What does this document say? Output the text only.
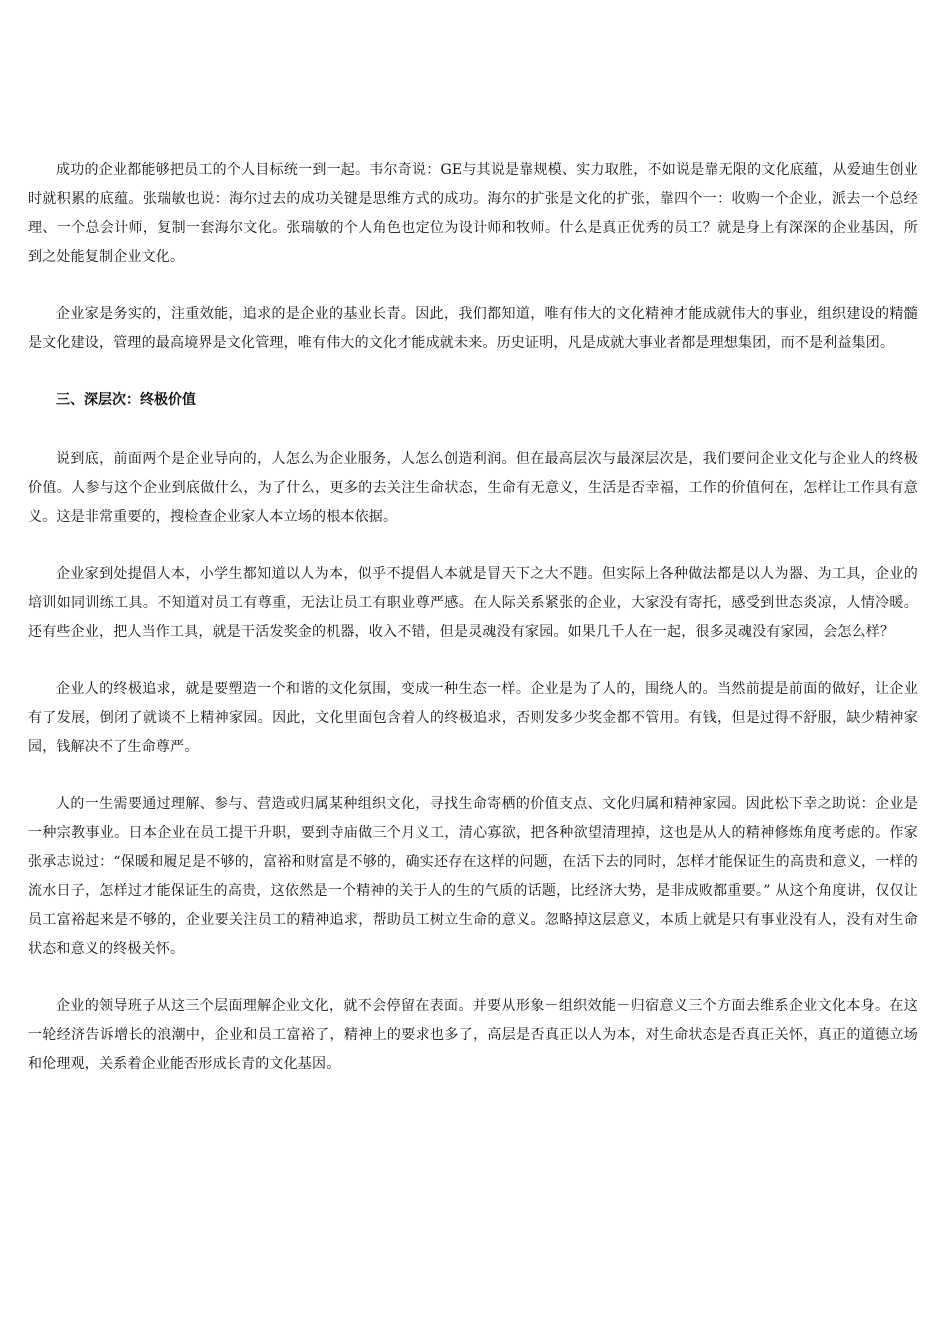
成功的企业都能够把员工的个人目标统一到一起。韦尔奇说：GE与其说是靠规模、实力取胜，不如说是靠无限的文化底蕴，从爱迪生创业时就积累的底蕴。张瑞敏也说：海尔过去的成功关键是思维方式的成功。海尔的扩张是文化的扩张，靠四个一：收购一个企业，派去一个总经理、一个总会计师，复制一套海尔文化。张瑞敏的个人角色也定位为设计师和牧师。什么是真正优秀的员工？就是身上有深深的企业基因，所到之处能复制企业文化。

企业家是务实的，注重效能，追求的是企业的基业长青。因此，我们都知道，唯有伟大的文化精神才能成就伟大的事业，组织建设的精髓是文化建设，管理的最高境界是文化管理，唯有伟大的文化才能成就未来。历史证明，凡是成就大事业者都是理想集团，而不是利益集团。

三、深层次：终极价值

说到底，前面两个是企业导向的，人怎么为企业服务，人怎么创造利润。但在最高层次与最深层次是，我们要问企业文化与企业人的终极价值。人参与这个企业到底做什么，为了什么，更多的去关注生命状态，生命有无意义，生活是否幸福，工作的价值何在，怎样让工作具有意义。这是非常重要的，搜检查企业家人本立场的根本依据。

企业家到处提倡人本，小学生都知道以人为本，似乎不提倡人本就是冒天下之大不韪。但实际上各种做法都是以人为器、为工具，企业的培训如同训练工具。不知道对员工有尊重，无法让员工有职业尊严感。在人际关系紧张的企业，大家没有寄托，感受到世态炎凉，人情冷暖。还有些企业，把人当作工具，就是干活发奖金的机器，收入不错，但是灵魂没有家园。如果几千人在一起，很多灵魂没有家园，会怎么样？

企业人的终极追求，就是要塑造一个和谐的文化氛围，变成一种生态一样。企业是为了人的，围绕人的。当然前提是前面的做好，让企业有了发展，倒闭了就谈不上精神家园。因此，文化里面包含着人的终极追求，否则发多少奖金都不管用。有钱，但是过得不舒服，缺少精神家园，钱解决不了生命尊严。

人的一生需要通过理解、参与、营造或归属某种组织文化，寻找生命寄栖的价值支点、文化归属和精神家园。因此松下幸之助说：企业是一种宗教事业。日本企业在员工提干升职，要到寺庙做三个月义工，清心寡欲，把各种欲望清理掉，这也是从人的精神修炼角度考虑的。作家张承志说过：“保暖和履足是不够的，富裕和财富是不够的，确实还存在这样的问题，在活下去的同时，怎样才能保证生的高贵和意义，一样的流水日子，怎样过才能保证生的高贵，这依然是一个精神的关于人的生的气质的话题，比经济大势，是非成败都重要。” 从这个角度讲，仅仅让员工富裕起来是不够的，企业要关注员工的精神追求，帮助员工树立生命的意义。忽略掉这层意义，本质上就是只有事业没有人，没有对生命状态和意义的终极关怀。

企业的领导班子从这三个层面理解企业文化，就不会停留在表面。并要从形象－组织效能－归宿意义三个方面去维系企业文化本身。在这一轮经济告诉增长的浪潮中，企业和员工富裕了，精神上的要求也多了，高层是否真正以人为本，对生命状态是否真正关怀，真正的道德立场和伦理观，关系着企业能否形成长青的文化基因。
